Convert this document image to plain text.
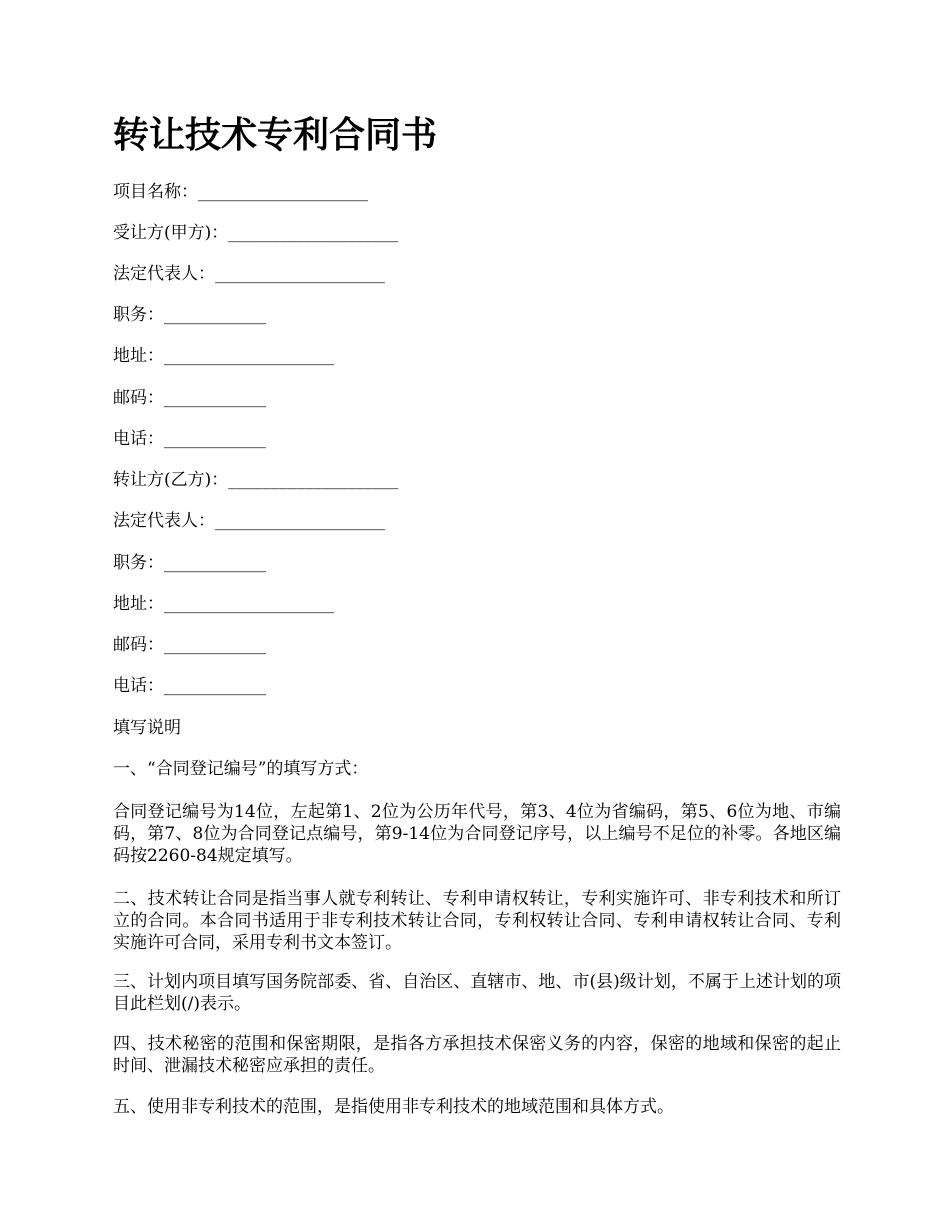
转让技术专利合同书
项目名称：____________________
受让方(甲方)：____________________
法定代表人：____________________
职务：____________
地址：____________________
邮码：____________
电话：____________
转让方(乙方)：____________________
法定代表人：____________________
职务：____________
地址：____________________
邮码：____________
电话：____________
填写说明
一、“合同登记编号”的填写方式：
合同登记编号为14位，左起第1、2位为公历年代号，第3、4位为省编码，第5、6位为地、市编码，第7、8位为合同登记点编号，第9-14位为合同登记序号，以上编号不足位的补零。各地区编码按2260-84规定填写。
二、技术转让合同是指当事人就专利转让、专利申请权转让，专利实施许可、非专利技术和所订立的合同。本合同书适用于非专利技术转让合同，专利权转让合同、专利申请权转让合同、专利实施许可合同，采用专利书文本签订。
三、计划内项目填写国务院部委、省、自治区、直辖市、地、市(县)级计划，不属于上述计划的项目此栏划(/)表示。
四、技术秘密的范围和保密期限，是指各方承担技术保密义务的内容，保密的地域和保密的起止时间、泄漏技术秘密应承担的责任。
五、使用非专利技术的范围，是指使用非专利技术的地域范围和具体方式。
